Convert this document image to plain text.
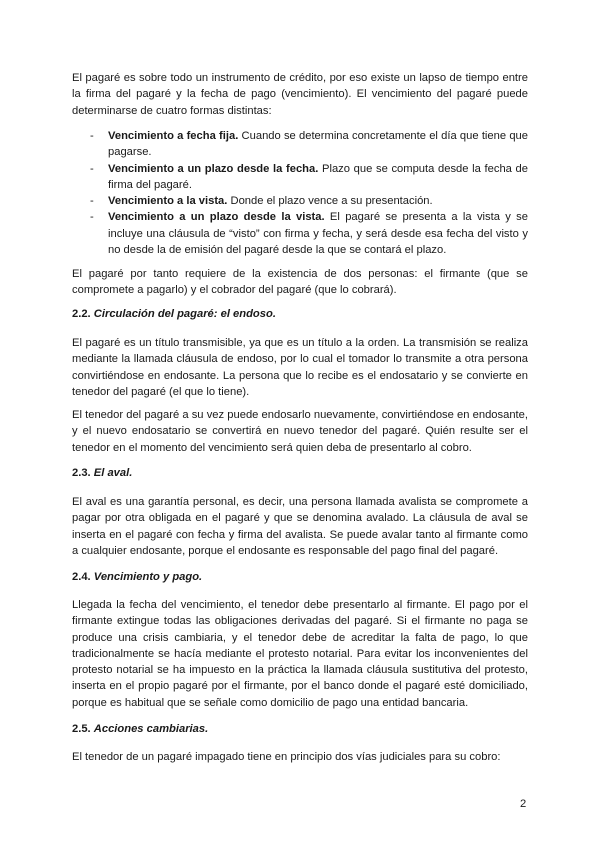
El pagaré es sobre todo un instrumento de crédito, por eso existe un lapso de tiempo entre la firma del pagaré y la fecha de pago (vencimiento). El vencimiento del pagaré puede determinarse de cuatro formas distintas:

- Vencimiento a fecha fija. Cuando se determina concretamente el día que tiene que pagarse.
- Vencimiento a un plazo desde la fecha. Plazo que se computa desde la fecha de firma del pagaré.
- Vencimiento a la vista. Donde el plazo vence a su presentación.
- Vencimiento a un plazo desde la vista. El pagaré se presenta a la vista y se incluye una cláusula de “visto” con firma y fecha, y será desde esa fecha del visto y no desde la de emisión del pagaré desde la que se contará el plazo.

El pagaré por tanto requiere de la existencia de dos personas: el firmante (que se compromete a pagarlo) y el cobrador del pagaré (que lo cobrará).

2.2. Circulación del pagaré: el endoso.

El pagaré es un título transmisible, ya que es un título a la orden. La transmisión se realiza mediante la llamada cláusula de endoso, por lo cual el tomador lo transmite a otra persona convirtiéndose en endosante. La persona que lo recibe es el endosatario y se convierte en tenedor del pagaré (el que lo tiene).

El tenedor del pagaré a su vez puede endosarlo nuevamente, convirtiéndose en endosante, y el nuevo endosatario se convertirá en nuevo tenedor del pagaré. Quién resulte ser el tenedor en el momento del vencimiento será quien deba de presentarlo al cobro.

2.3. El aval.

El aval es una garantía personal, es decir, una persona llamada avalista se compromete a pagar por otra obligada en el pagaré y que se denomina avalado. La cláusula de aval se inserta en el pagaré con fecha y firma del avalista. Se puede avalar tanto al firmante como a cualquier endosante, porque el endosante es responsable del pago final del pagaré.

2.4. Vencimiento y pago.

Llegada la fecha del vencimiento, el tenedor debe presentarlo al firmante. El pago por el firmante extingue todas las obligaciones derivadas del pagaré. Si el firmante no paga se produce una crisis cambiaria, y el tenedor debe de acreditar la falta de pago, lo que tradicionalmente se hacía mediante el protesto notarial. Para evitar los inconvenientes del protesto notarial se ha impuesto en la práctica la llamada cláusula sustitutiva del protesto, inserta en el propio pagaré por el firmante, por el banco donde el pagaré esté domiciliado, porque es habitual que se señale como domicilio de pago una entidad bancaria.

2.5. Acciones cambiarias.

El tenedor de un pagaré impagado tiene en principio dos vías judiciales para su cobro:

2
